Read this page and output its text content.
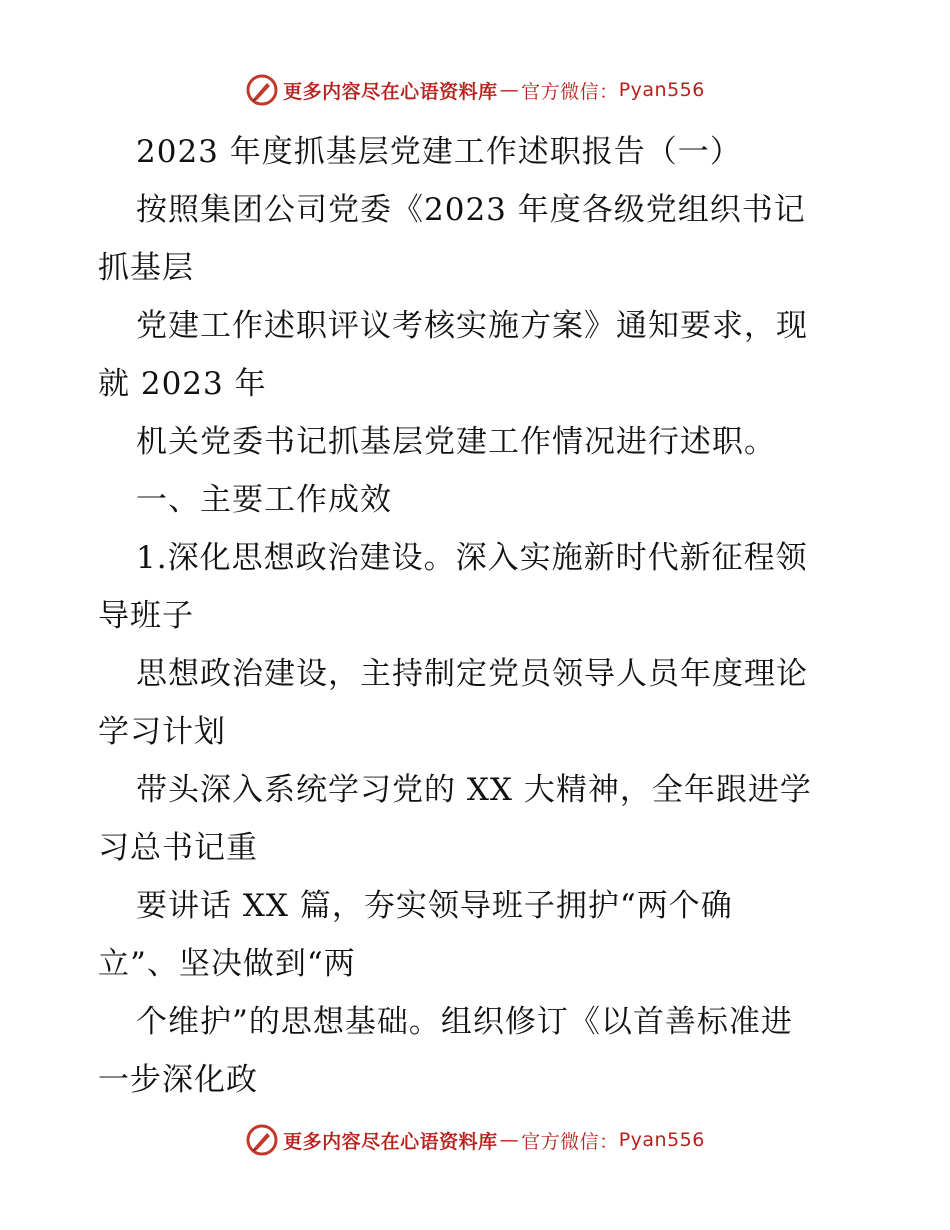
更多内容尽在心语资料库 — 官方微信： Pyan556
2023 年度抓基层党建工作述职报告（一）
按照集团公司党委《2023 年度各级党组织书记
抓基层
党建工作述职评议考核实施方案》通知要求，现
就 2023 年
机关党委书记抓基层党建工作情况进行述职。
一、主要工作成效
1.深化思想政治建设。深入实施新时代新征程领
导班子
思想政治建设，主持制定党员领导人员年度理论
学习计划
带头深入系统学习党的 XX 大精神，全年跟进学
习总书记重
要讲话 XX 篇，夯实领导班子拥护“两个确
立”、坚决做到“两
个维护”的思想基础。组织修订《以首善标准进
一步深化政
更多内容尽在心语资料库 — 官方微信： Pyan556
